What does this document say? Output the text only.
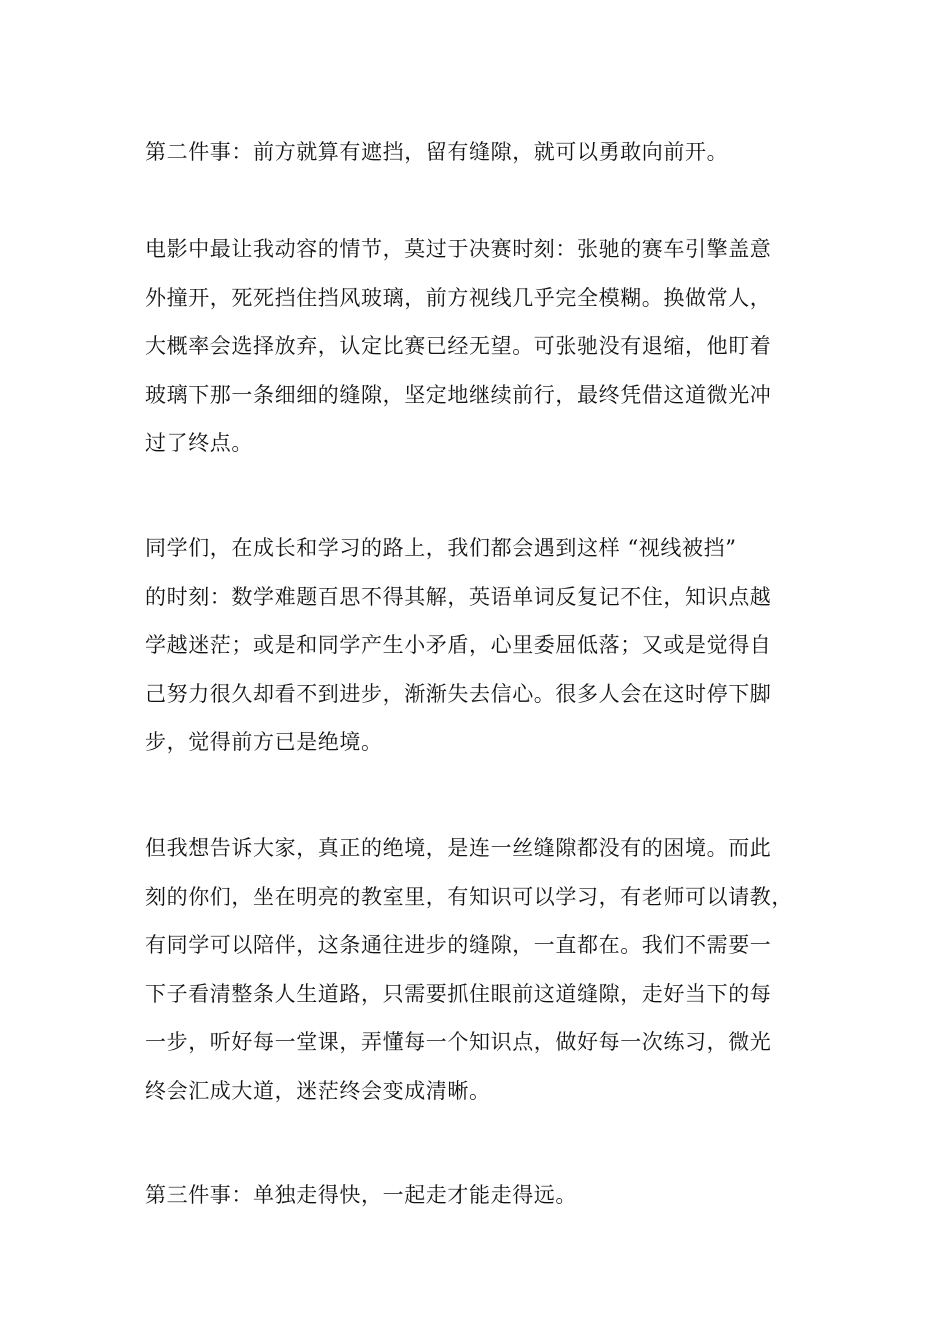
第二件事：前方就算有遮挡，留有缝隙，就可以勇敢向前开。

电影中最让我动容的情节，莫过于决赛时刻：张驰的赛车引擎盖意
外撞开，死死挡住挡风玻璃，前方视线几乎完全模糊。换做常人，
大概率会选择放弃，认定比赛已经无望。可张驰没有退缩，他盯着
玻璃下那一条细细的缝隙，坚定地继续前行，最终凭借这道微光冲
过了终点。

同学们，在成长和学习的路上，我们都会遇到这样 “视线被挡”
的时刻：数学难题百思不得其解，英语单词反复记不住，知识点越
学越迷茫；或是和同学产生小矛盾，心里委屈低落；又或是觉得自
己努力很久却看不到进步，渐渐失去信心。很多人会在这时停下脚
步，觉得前方已是绝境。

但我想告诉大家，真正的绝境，是连一丝缝隙都没有的困境。而此
刻的你们，坐在明亮的教室里，有知识可以学习，有老师可以请教，
有同学可以陪伴，这条通往进步的缝隙，一直都在。我们不需要一
下子看清整条人生道路，只需要抓住眼前这道缝隙，走好当下的每
一步，听好每一堂课，弄懂每一个知识点，做好每一次练习，微光
终会汇成大道，迷茫终会变成清晰。

第三件事：单独走得快，一起走才能走得远。
